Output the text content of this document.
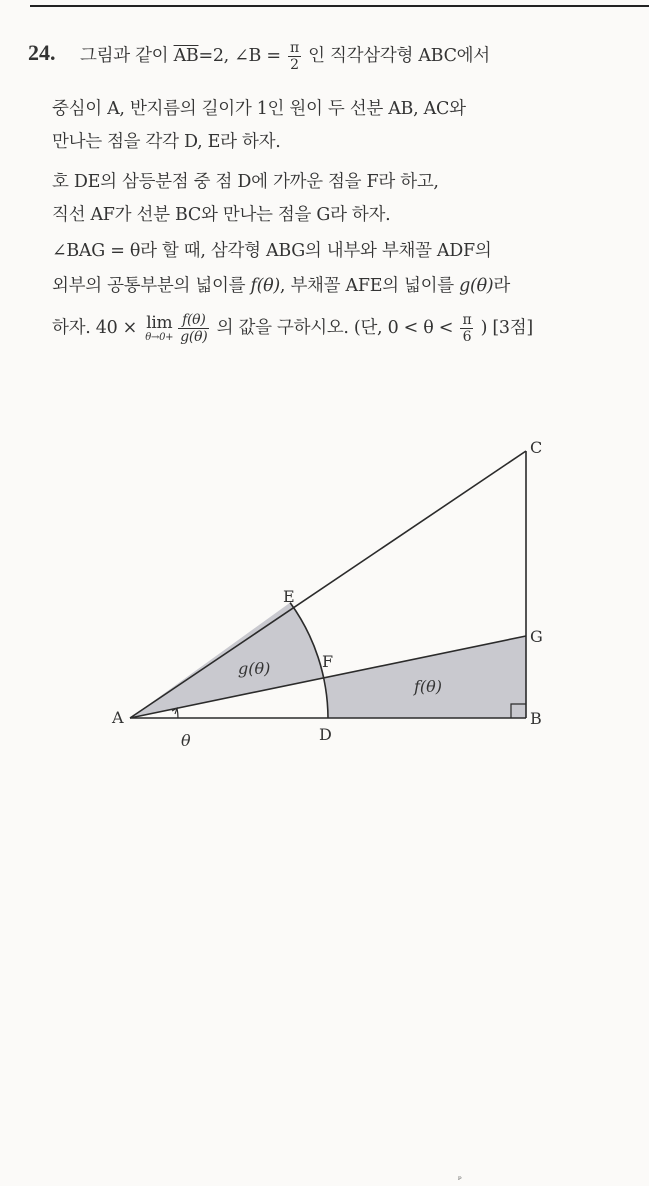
24. 그림과 같이 $\overline{AB}=2$, ∠B = $\frac{\pi}{2}$ 인 직각삼각형 ABC에서
중심이 A, 반지름의 길이가 1인 원이 두 선분 AB, AC와
만나는 점을 각각 D, E라 하자.
호 DE의 삼등분점 중 점 D에 가까운 점을 F라 하고,
직선 AF가 선분 BC와 만나는 점을 G라 하자.
∠BAG = θ라 할 때, 삼각형 ABG의 내부와 부채꼴 ADF의
외부의 공통부분의 넓이를 f(θ), 부채꼴 AFE의 넓이를 g(θ)라
하자. 40 × lim
$\theta\to 0+ \frac{f(\theta)}{g(\theta)}$ 의 값을 구하시오. (단, $0 < \theta < \frac{\pi}{6}$ ) [3점]
A	B
C
D
E
F
G
g(θ)
f(θ)
θ
ᵖ
